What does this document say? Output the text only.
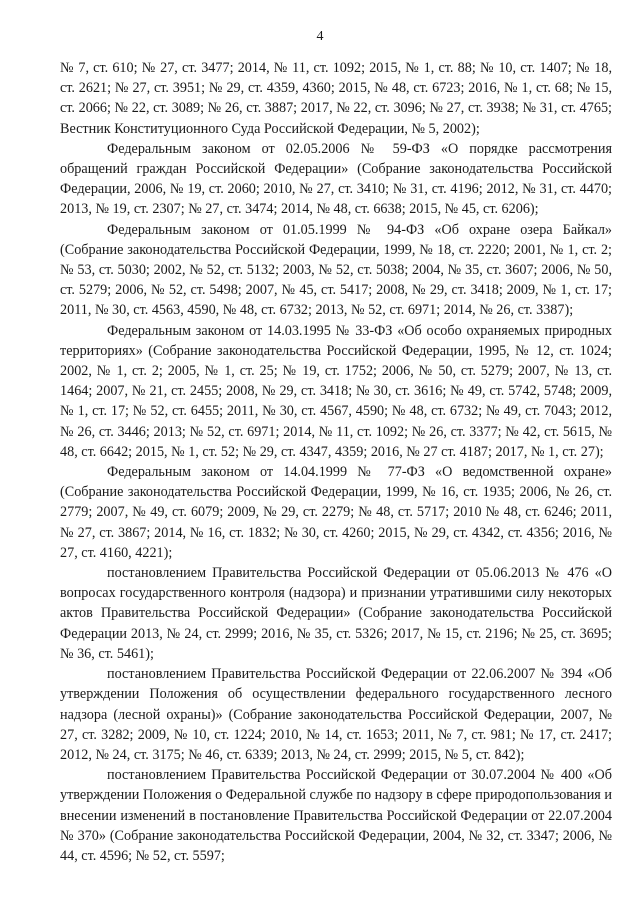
4

№ 7, ст. 610; № 27, ст. 3477; 2014, № 11, ст. 1092; 2015, № 1, ст. 88; № 10, ст. 1407; № 18, ст. 2621; № 27, ст. 3951; № 29, ст. 4359, 4360; 2015, № 48, ст. 6723; 2016, № 1, ст. 68; № 15, ст. 2066; № 22, ст. 3089; № 26, ст. 3887; 2017, № 22, ст. 3096; № 27, ст. 3938; № 31, ст. 4765; Вестник Конституционного Суда Российской Федерации, № 5, 2002);

Федеральным законом от 02.05.2006 № 59-ФЗ «О порядке рассмотрения обращений граждан Российской Федерации» (Собрание законодательства Российской Федерации, 2006, № 19, ст. 2060; 2010, № 27, ст. 3410; № 31, ст. 4196; 2012, № 31, ст. 4470; 2013, № 19, ст. 2307; № 27, ст. 3474; 2014, № 48, ст. 6638; 2015, № 45, ст. 6206);

Федеральным законом от 01.05.1999 № 94-ФЗ «Об охране озера Байкал» (Собрание законодательства Российской Федерации, 1999, № 18, ст. 2220; 2001, № 1, ст. 2; № 53, ст. 5030; 2002, № 52, ст. 5132; 2003, № 52, ст. 5038; 2004, № 35, ст. 3607; 2006, № 50, ст. 5279; 2006, № 52, ст. 5498; 2007, № 45, ст. 5417; 2008, № 29, ст. 3418; 2009, № 1, ст. 17; 2011, № 30, ст. 4563, 4590, № 48, ст. 6732; 2013, № 52, ст. 6971; 2014, № 26, ст. 3387);

Федеральным законом от 14.03.1995 № 33-ФЗ «Об особо охраняемых природных территориях» (Собрание законодательства Российской Федерации, 1995, № 12, ст. 1024; 2002, № 1, ст. 2; 2005, № 1, ст. 25; № 19, ст. 1752; 2006, № 50, ст. 5279; 2007, № 13, ст. 1464; 2007, № 21, ст. 2455; 2008, № 29, ст. 3418; № 30, ст. 3616; № 49, ст. 5742, 5748; 2009, № 1, ст. 17; № 52, ст. 6455; 2011, № 30, ст. 4567, 4590; № 48, ст. 6732; № 49, ст. 7043; 2012, № 26, ст. 3446; 2013; № 52, ст. 6971; 2014, № 11, ст. 1092; № 26, ст. 3377; № 42, ст. 5615, № 48, ст. 6642; 2015, № 1, ст. 52; № 29, ст. 4347, 4359; 2016, № 27 ст. 4187; 2017, № 1, ст. 27);

Федеральным законом от 14.04.1999 № 77-ФЗ «О ведомственной охране» (Собрание законодательства Российской Федерации, 1999, № 16, ст. 1935; 2006, № 26, ст. 2779; 2007, № 49, ст. 6079; 2009, № 29, ст. 2279; № 48, ст. 5717; 2010 № 48, ст. 6246; 2011, № 27, ст. 3867; 2014, № 16, ст. 1832; № 30, ст. 4260; 2015, № 29, ст. 4342, ст. 4356; 2016, № 27, ст. 4160, 4221);

постановлением Правительства Российской Федерации от 05.06.2013 № 476 «О вопросах государственного контроля (надзора) и признании утратившими силу некоторых актов Правительства Российской Федерации» (Собрание законодательства Российской Федерации 2013, № 24, ст. 2999; 2016, № 35, ст. 5326; 2017, № 15, ст. 2196; № 25, ст. 3695; № 36, ст. 5461);

постановлением Правительства Российской Федерации от 22.06.2007 № 394 «Об утверждении Положения об осуществлении федерального государственного лесного надзора (лесной охраны)» (Собрание законодательства Российской Федерации, 2007, № 27, ст. 3282; 2009, № 10, ст. 1224; 2010, № 14, ст. 1653; 2011, № 7, ст. 981; № 17, ст. 2417; 2012, № 24, ст. 3175; № 46, ст. 6339; 2013, № 24, ст. 2999; 2015, № 5, ст. 842);

постановлением Правительства Российской Федерации от 30.07.2004 № 400 «Об утверждении Положения о Федеральной службе по надзору в сфере природопользования и внесении изменений в постановление Правительства Российской Федерации от 22.07.2004 № 370» (Собрание законодательства Российской Федерации, 2004, № 32, ст. 3347; 2006, № 44, ст. 4596; № 52, ст. 5597;
